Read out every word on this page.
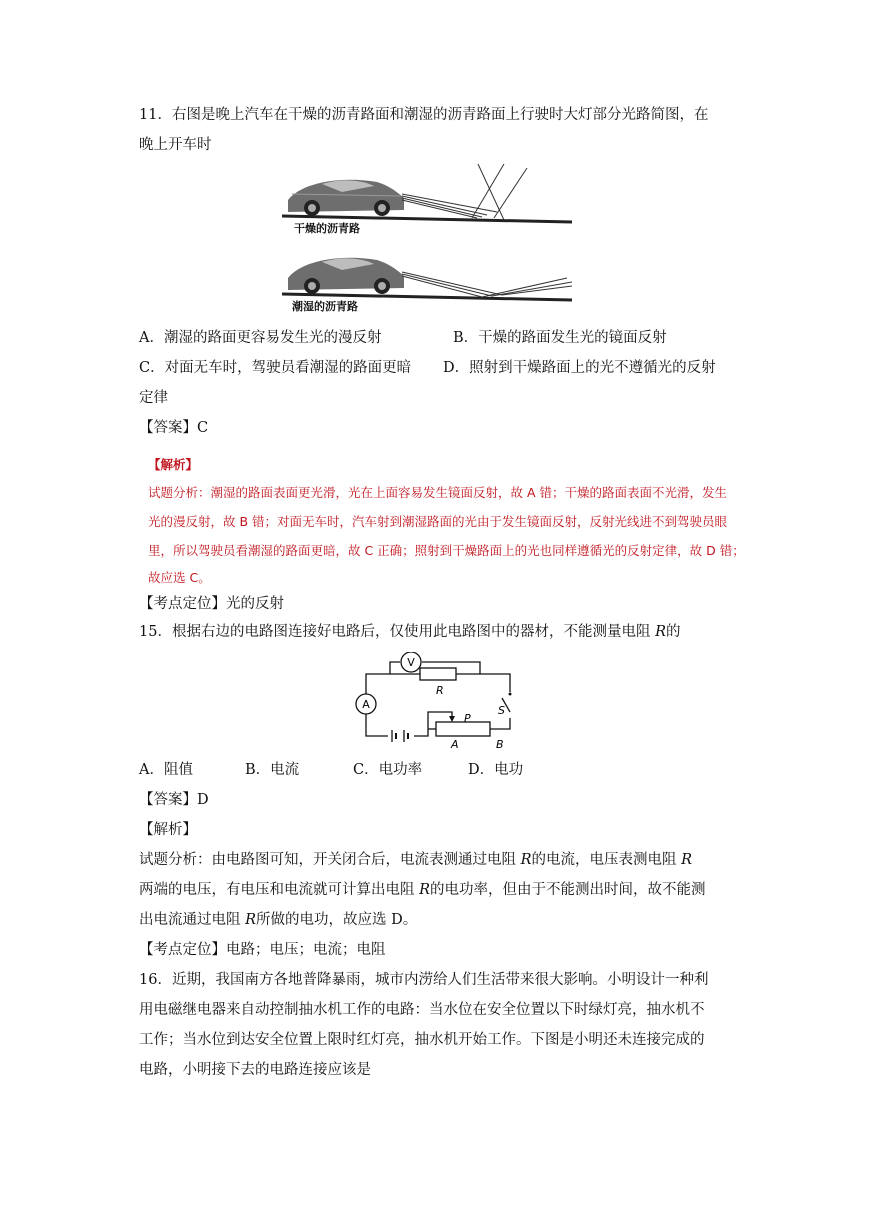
11．右图是晚上汽车在干燥的沥青路面和潮湿的沥青路面上行驶时大灯部分光路简图，在
晚上开车时
干燥的沥青路
潮湿的沥青路
A．潮湿的路面更容易发生光的漫反射	B．干燥的路面发生光的镜面反射
C．对面无车时，驾驶员看潮湿的路面更暗 D．照射到干燥路面上的光不遵循光的反射
定律
【答案】C
【解析】
试题分析：潮湿的路面表面更光滑，光在上面容易发生镜面反射，故 A 错；干燥的路面表面不光滑，发生
光的漫反射，故 B 错；对面无车时，汽车射到潮湿路面的光由于发生镜面反射，反射光线进不到驾驶员眼
里，所以驾驶员看潮湿的路面更暗，故 C 正确；照射到干燥路面上的光也同样遵循光的反射定律，故 D 错；
故应选 C。
【考点定位】光的反射
15．根据右边的电路图连接好电路后，仅使用此电路图中的器材，不能测量电阻 R的
V
A
R
P
S
A	B
A．阻值	B．电流	C．电功率	D．电功
【答案】D
【解析】
试题分析：由电路图可知，开关闭合后，电流表测通过电阻 R的电流，电压表测电阻 R
两端的电压，有电压和电流就可计算出电阻 R的电功率，但由于不能测出时间，故不能测
出电流通过电阻 R所做的电功，故应选 D。
【考点定位】电路；电压；电流；电阻
16．近期，我国南方各地普降暴雨，城市内涝给人们生活带来很大影响。小明设计一种利
用电磁继电器来自动控制抽水机工作的电路：当水位在安全位置以下时绿灯亮，抽水机不
工作；当水位到达安全位置上限时红灯亮，抽水机开始工作。下图是小明还未连接完成的
电路，小明接下去的电路连接应该是
